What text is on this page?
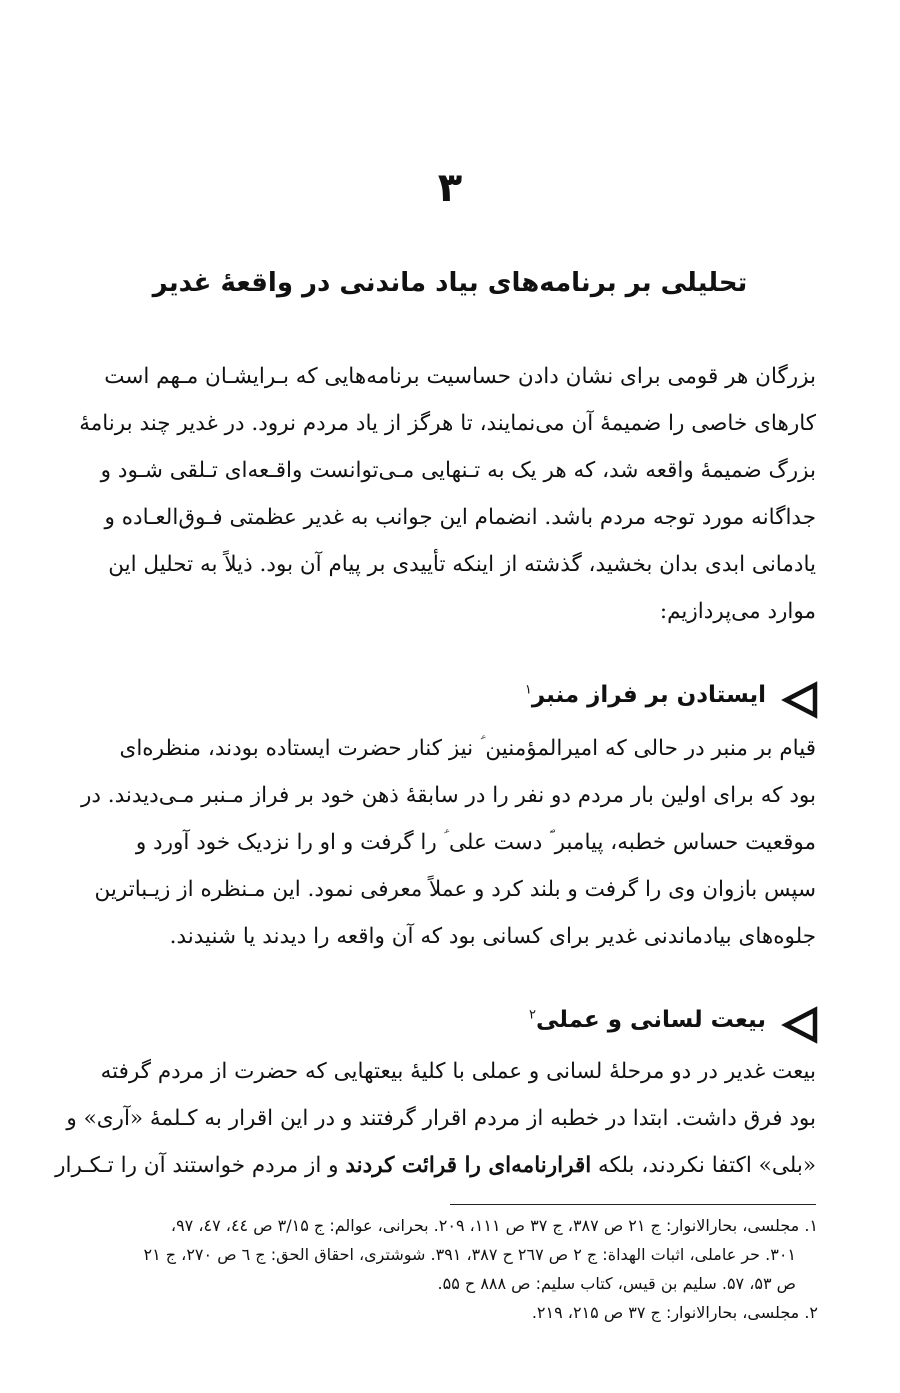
۳
تحلیلی بر برنامه‌های بیاد ماندنی در واقعهٔ غدیر
بزرگان هر قومی برای نشان دادن حساسیت برنامه‌هایی که بـرایشـان مـهم است
کارهای خاصی را ضمیمهٔ آن می‌نمایند، تا هرگز از یاد مردم نرود. در غدیر چند برنامهٔ
بزرگ ضمیمهٔ واقعه شد، که هر یک به تـنهایی مـی‌توانست واقـعه‌ای تـلقی شـود و
جداگانه مورد توجه مردم باشد. انضمام این جوانب به غدیر عظمتی فـوق‌العـاده و
یادمانی ابدی بدان بخشید، گذشته از اینکه تأییدی بر پیام آن بود. ذیلاً به تحلیل این
موارد می‌پردازیم:
ایستادن بر فراز منبر$^۱$
قیام بر منبر در حالی که امیرالمؤمنین ؑ نیز کنار حضرت ایستاده بودند، منظره‌ای
بود که برای اولین بار مردم دو نفر را در سابقهٔ ذهن خود بر فراز مـنبر مـی‌دیدند. در
موقعیت حساس خطبه، پیامبر ؐ دست علی ؑ را گرفت و او را نزدیک خود آورد و
سپس بازوان وی را گرفت و بلند کرد و عملاً معرفی نمود. این مـنظره از زیـباترین
جلوه‌های بیادماندنی غدیر برای کسانی بود که آن واقعه را دیدند یا شنیدند.
بیعت لسانی و عملی$^۲$
بیعت غدیر در دو مرحلهٔ لسانی و عملی با کلیهٔ بیعتهایی که حضرت از مردم گرفته
بود فرق داشت. ابتدا در خطبه از مردم اقرار گرفتند و در این اقرار به کـلمهٔ «آری» و
«بلی» اکتفا نکردند، بلکه اقرارنامه‌ای را قرائت کردند و از مردم خواستند آن را تـکـرار
۱. مجلسی، بحارالانوار: ج ۲۱ ص ۳۸۷، ج ۳۷ ص ۱۱۱، ۲۰۹. بحرانی، عوالم: ج ۳/۱۵ ص ٤٤، ٤٧، ۹۷،
۳۰۱. حر عاملی، اثبات الهداة: ج ۲ ص ۲٦۷ ح ۳۸۷، ۳۹۱. شوشتری، احقاق الحق: ج ٦ ص ۲۷۰، ج ۲۱
ص ۵۳، ۵۷. سلیم بن قیس، کتاب سلیم: ص ۸۸۸ ح ۵۵.
۲. مجلسی، بحارالانوار: ج ۳۷ ص ۲۱۵، ۲۱۹.
